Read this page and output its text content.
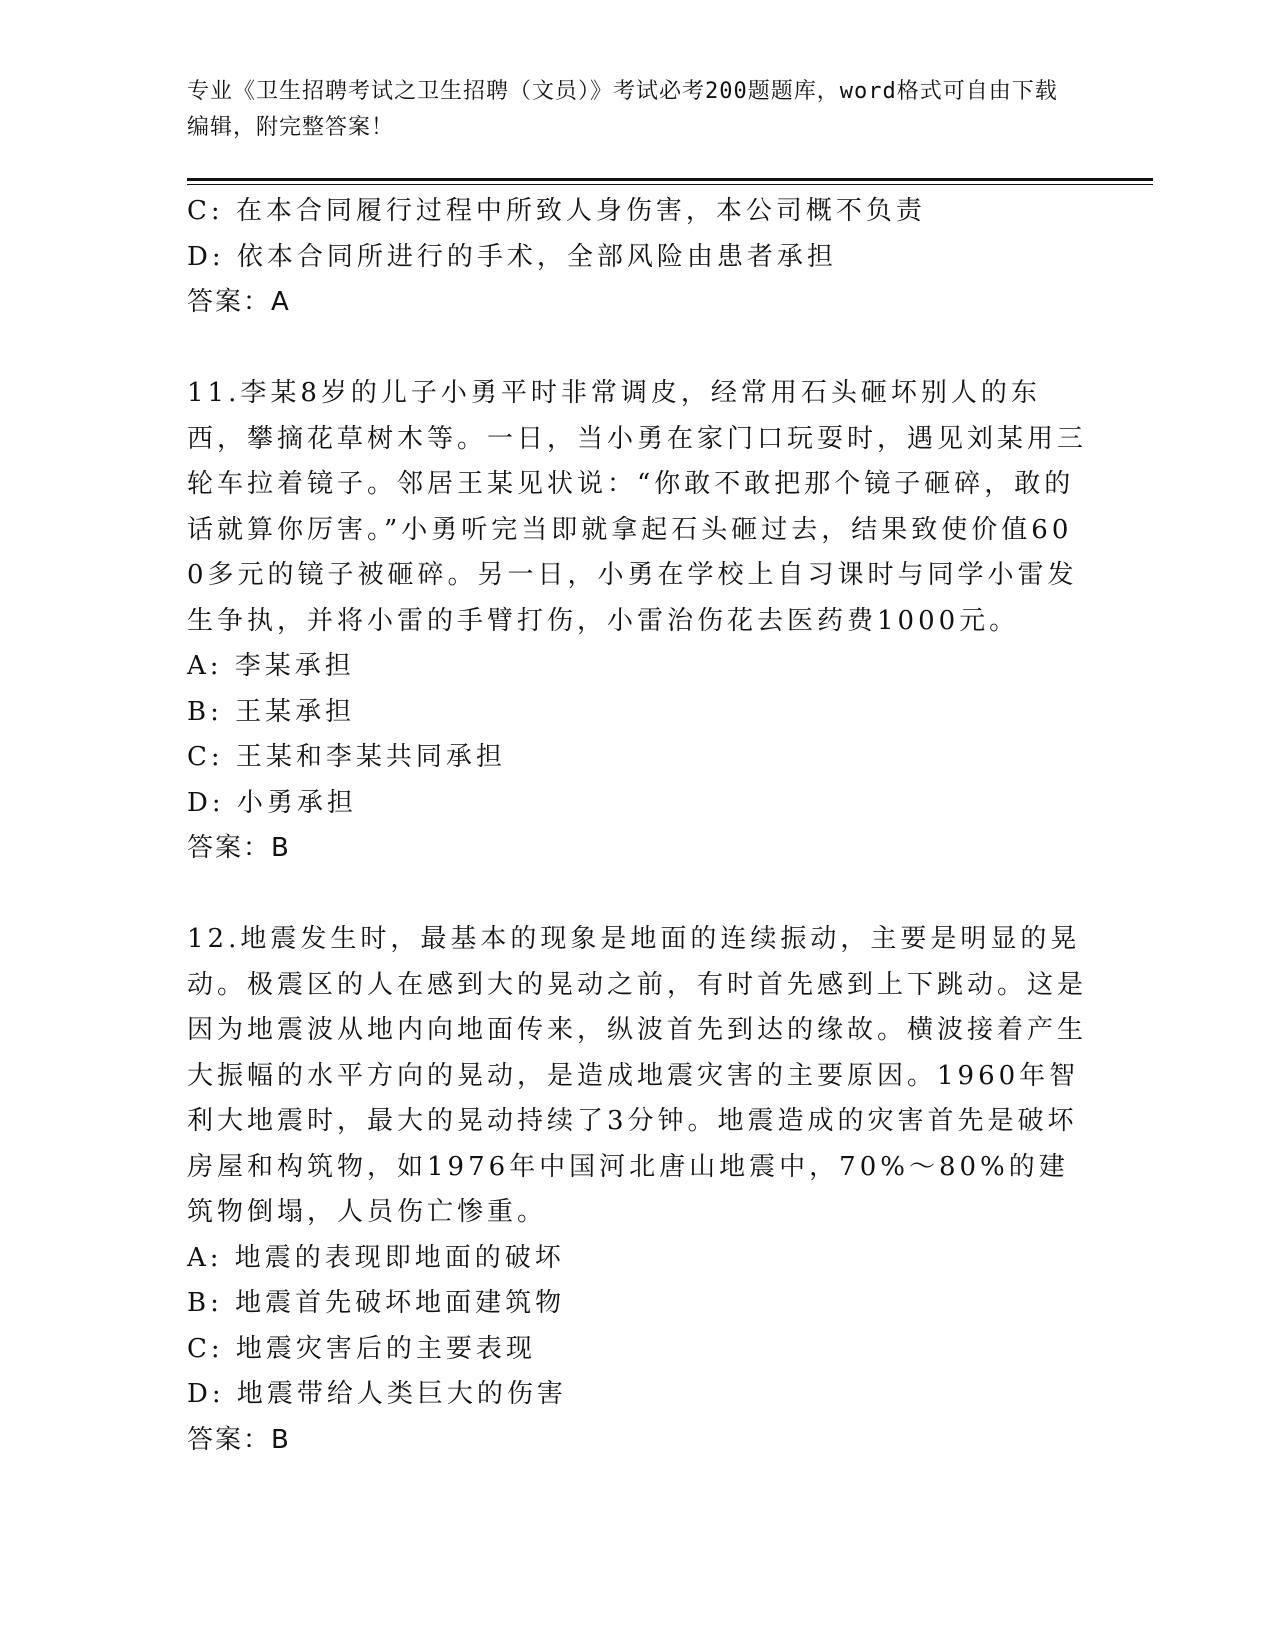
专业《卫生招聘考试之卫生招聘（文员）》考试必考200题题库，word格式可自由下载编辑，附完整答案！
C: 在本合同履行过程中所致人身伤害，本公司概不负责
D: 依本合同所进行的手术，全部风险由患者承担
答案：A
11.李某8岁的儿子小勇平时非常调皮，经常用石头砸坏别人的东西，攀摘花草树木等。一日，当小勇在家门口玩耍时，遇见刘某用三轮车拉着镜子。邻居王某见状说：“你敢不敢把那个镜子砸碎，敢的话就算你厉害。”小勇听完当即就拿起石头砸过去，结果致使价值600多元的镜子被砸碎。另一日，小勇在学校上自习课时与同学小雷发生争执，并将小雷的手臂打伤，小雷治伤花去医药费1000元。
A: 李某承担
B: 王某承担
C: 王某和李某共同承担
D: 小勇承担
答案：B
12.地震发生时，最基本的现象是地面的连续振动，主要是明显的晃动。极震区的人在感到大的晃动之前，有时首先感到上下跳动。这是因为地震波从地内向地面传来，纵波首先到达的缘故。横波接着产生大振幅的水平方向的晃动，是造成地震灾害的主要原因。1960年智利大地震时，最大的晃动持续了3分钟。地震造成的灾害首先是破坏房屋和构筑物，如1976年中国河北唐山地震中，70%～80%的建筑物倒塌，人员伤亡惨重。
A: 地震的表现即地面的破坏
B: 地震首先破坏地面建筑物
C: 地震灾害后的主要表现
D: 地震带给人类巨大的伤害
答案：B
